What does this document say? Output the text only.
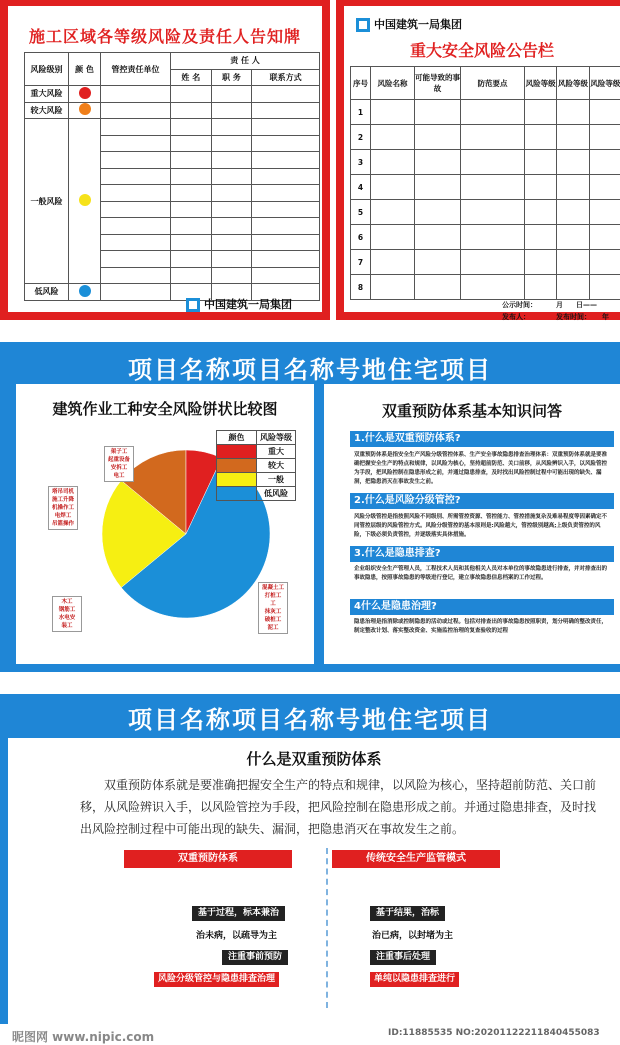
施工区域各等级风险及责任人告知牌
风险级别	颜 色	管控责任单位	责 任 人		
			姓 名	职 务	联系方式
重大风险					
较大风险					
一般风险					

低风险					
中国建筑一局集团
中国建筑一局集团
重大安全风险公告栏
序号	风险名称	可能导致的事故	防范要点	风险等级	风险等级	风险等级
1						
2						
3						
4						
5						
6						
7						
8						
公示时间：	月 日——
发布人：	发布时间： 年
项目名称项目名称号地住宅项目
建筑作业工种安全风险饼状比较图	双重预防体系基本知识问答
颜色	风险等级
	重大
	较大
	一般
	低风险
架子工
起重设备
安拆工
电工
塔吊司机
施工升降
机操作工
电焊工
吊篮操作
木工
钢筋工
水电安
装工
混凝土工
打桩工
工
抹灰工
破桩工
泥工
1.什么是双重预防体系?
双重预防体系是指安全生产风险分级管控体系、生产安全事故隐患排查治理体系：双重预防体系就是要准确把握安全生产的特点和规律，以风险为核心，坚持超前防范、关口前移，从风险辨识入手，以风险管控为手段，把风险控制在隐患形成之前，并通过隐患排查，及时找出风险控制过程中可能出现的缺失、漏洞，把隐患消灭在事故发生之前。
2.什么是风险分级管控?
风险分级管控是指按照风险不同级别、所需管控资源、管控能力、管控措施复杂及难易程度等因素确定不同管控层级的风险管控方式。风险分级管控的基本原则是:风险越大，管控级别越高;上级负责管控的风险，下级必须负责管控，并逐级落实具体措施。
3.什么是隐患排查?
企业组织安全生产管理人员，工程技术人员和其他相关人员对本单位的事故隐患进行排查，并对排查出的事故隐患，按照事故隐患的等级进行登记，建立事故隐患信息档案的工作过程。
4什么是隐患治理?
隐患治理是指消除或控制隐患的活动或过程。包括对排查出的事故隐患按照职责，划分明确的整改责任，制定整改计划、落实整改资金、实施监控治理的复查验收的过程
项目名称项目名称号地住宅项目
什么是双重预防体系
双重预防体系就是要准确把握安全生产的特点和规律，以风险为核心，坚持超前防范、关口前移，从风险辨识入手，以风险管控为手段，把风险控制在隐患形成之前。并通过隐患排查，及时找出风险控制过程中可能出现的缺失、漏洞，把隐患消灭在事故发生之前。
双重预防体系	传统安全生产监管模式
基于过程，标本兼治
治未病，以疏导为主
注重事前预防
风险分级管控与隐患排查治理
基于结果，治标
治已病，以封堵为主
注重事后处理
单纯以隐患排查进行
昵图网 www.nipic.com	ID:11885535 NO:20201122211840455083
